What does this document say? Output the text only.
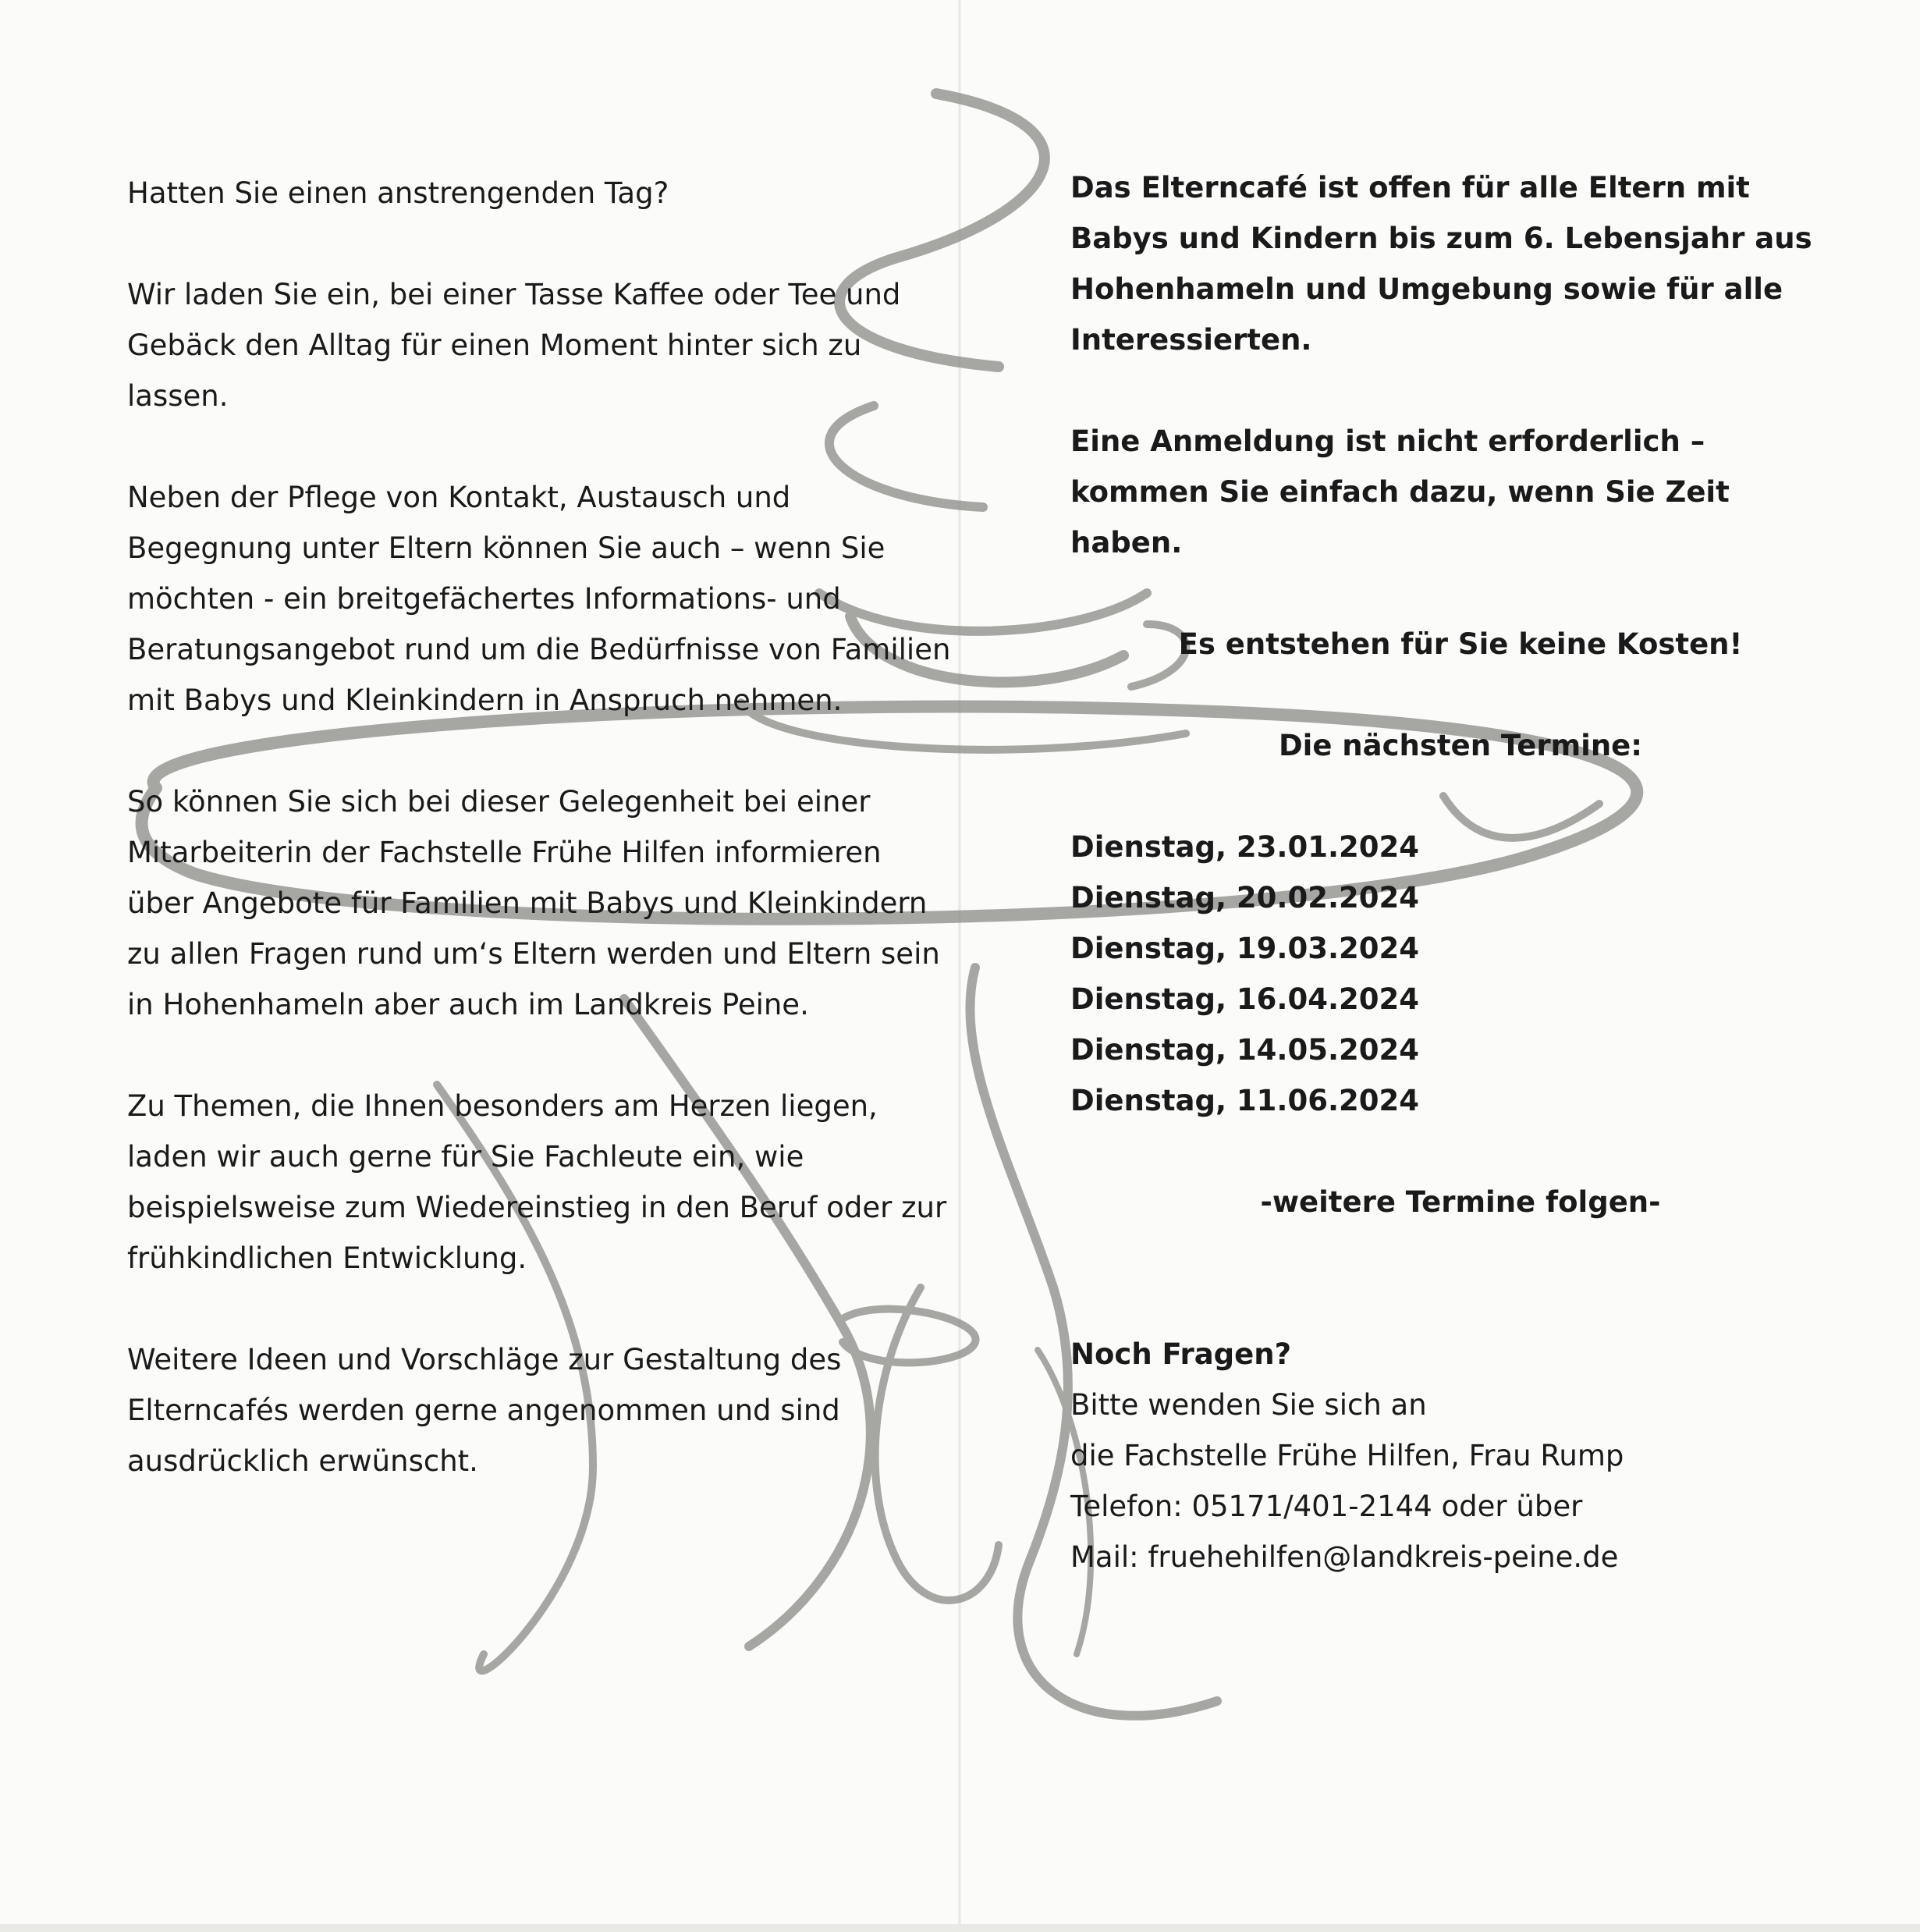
Hatten Sie einen anstrengenden Tag?

Wir laden Sie ein, bei einer Tasse Kaffee oder Tee und Gebäck den Alltag für einen Moment hinter sich zu lassen.

Neben der Pflege von Kontakt, Austausch und Begegnung unter Eltern können Sie auch – wenn Sie möchten - ein breitgefächertes Informations- und Beratungsangebot rund um die Bedürfnisse von Familien mit Babys und Kleinkindern in Anspruch nehmen.

So können Sie sich bei dieser Gelegenheit bei einer Mitarbeiterin der Fachstelle Frühe Hilfen informieren über Angebote für Familien mit Babys und Kleinkindern zu allen Fragen rund um‘s Eltern werden und Eltern sein in Hohenhameln aber auch im Landkreis Peine.

Zu Themen, die Ihnen besonders am Herzen liegen, laden wir auch gerne für Sie Fachleute ein, wie beispielsweise zum Wiedereinstieg in den Beruf oder zur frühkindlichen Entwicklung.

Weitere Ideen und Vorschläge zur Gestaltung des Elterncafés werden gerne angenommen und sind ausdrücklich erwünscht.

Das Elterncafé ist offen für alle Eltern mit Babys und Kindern bis zum 6. Lebensjahr aus Hohenhameln und Umgebung sowie für alle Interessierten.

Eine Anmeldung ist nicht erforderlich – kommen Sie einfach dazu, wenn Sie Zeit haben.

Es entstehen für Sie keine Kosten!

Die nächsten Termine:

Dienstag, 23.01.2024
Dienstag, 20.02.2024
Dienstag, 19.03.2024
Dienstag, 16.04.2024
Dienstag, 14.05.2024
Dienstag, 11.06.2024

-weitere Termine folgen-

Noch Fragen?

Bitte wenden Sie sich an

die Fachstelle Frühe Hilfen, Frau Rump

Telefon: 05171/401-2144 oder über

Mail: fruehehilfen@landkreis-peine.de
